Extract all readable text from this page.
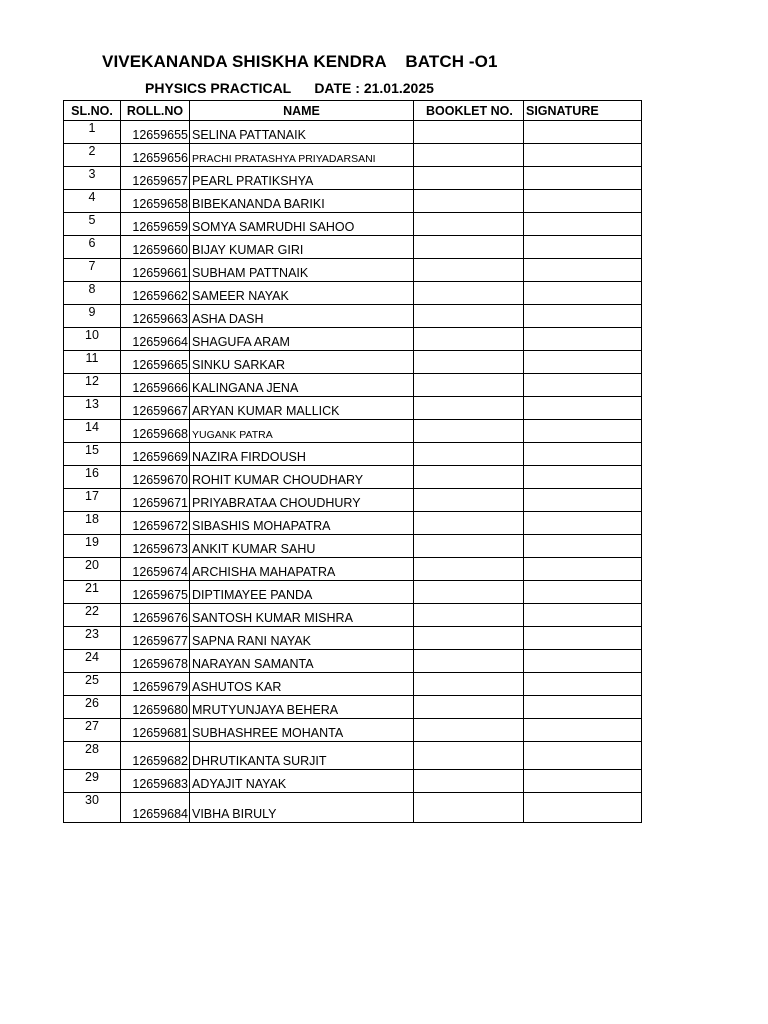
VIVEKANANDA SHISKHA KENDRA    BATCH -O1
PHYSICS PRACTICAL      DATE : 21.01.2025
SL.NO.	ROLL.NO	NAME	BOOKLET NO.	SIGNATURE
1	12659655	SELINA PATTANAIK		
2	12659656	PRACHI PRATASHYA PRIYADARSANI		
3	12659657	PEARL PRATIKSHYA		
4	12659658	BIBEKANANDA BARIKI		
5	12659659	SOMYA SAMRUDHI SAHOO		
6	12659660	BIJAY KUMAR GIRI		
7	12659661	SUBHAM PATTNAIK		
8	12659662	SAMEER NAYAK		
9	12659663	ASHA DASH		
10	12659664	SHAGUFA ARAM		
11	12659665	SINKU SARKAR		
12	12659666	KALINGANA JENA		
13	12659667	ARYAN KUMAR MALLICK		
14	12659668	YUGANK PATRA		
15	12659669	NAZIRA FIRDOUSH		
16	12659670	ROHIT KUMAR CHOUDHARY		
17	12659671	PRIYABRATAA CHOUDHURY		
18	12659672	SIBASHIS MOHAPATRA		
19	12659673	ANKIT KUMAR SAHU		
20	12659674	ARCHISHA MAHAPATRA		
21	12659675	DIPTIMAYEE PANDA		
22	12659676	SANTOSH KUMAR MISHRA		
23	12659677	SAPNA RANI NAYAK		
24	12659678	NARAYAN SAMANTA		
25	12659679	ASHUTOS KAR		
26	12659680	MRUTYUNJAYA BEHERA		
27	12659681	SUBHASHREE MOHANTA		
28	12659682	DHRUTIKANTA SURJIT		
29	12659683	ADYAJIT NAYAK		
30	12659684	VIBHA BIRULY		
